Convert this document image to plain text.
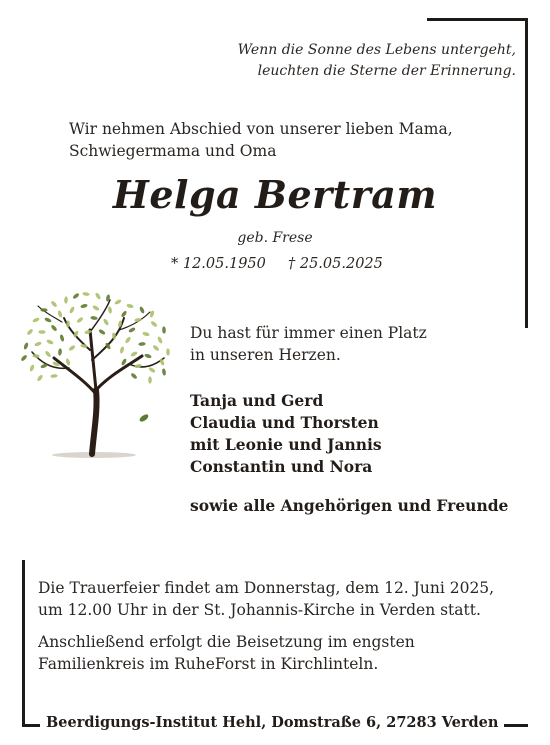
Wenn die Sonne des Lebens untergeht,
leuchten die Sterne der Erinnerung.
Wir nehmen Abschied von unserer lieben Mama,
Schwiegermama und Oma
Helga Bertram
geb. Frese
* 12.05.1950 † 25.05.2025
Du hast für immer einen Platz
in unseren Herzen.
Tanja und Gerd
Claudia und Thorsten
mit Leonie und Jannis
Constantin und Nora
sowie alle Angehörigen und Freunde
Die Trauerfeier findet am Donnerstag, dem 12. Juni 2025,
um 12.00 Uhr in der St. Johannis-Kirche in Verden statt.
Anschließend erfolgt die Beisetzung im engsten
Familienkreis im RuheForst in Kirchlinteln.
Beerdigungs-Institut Hehl, Domstraße 6, 27283 Verden
